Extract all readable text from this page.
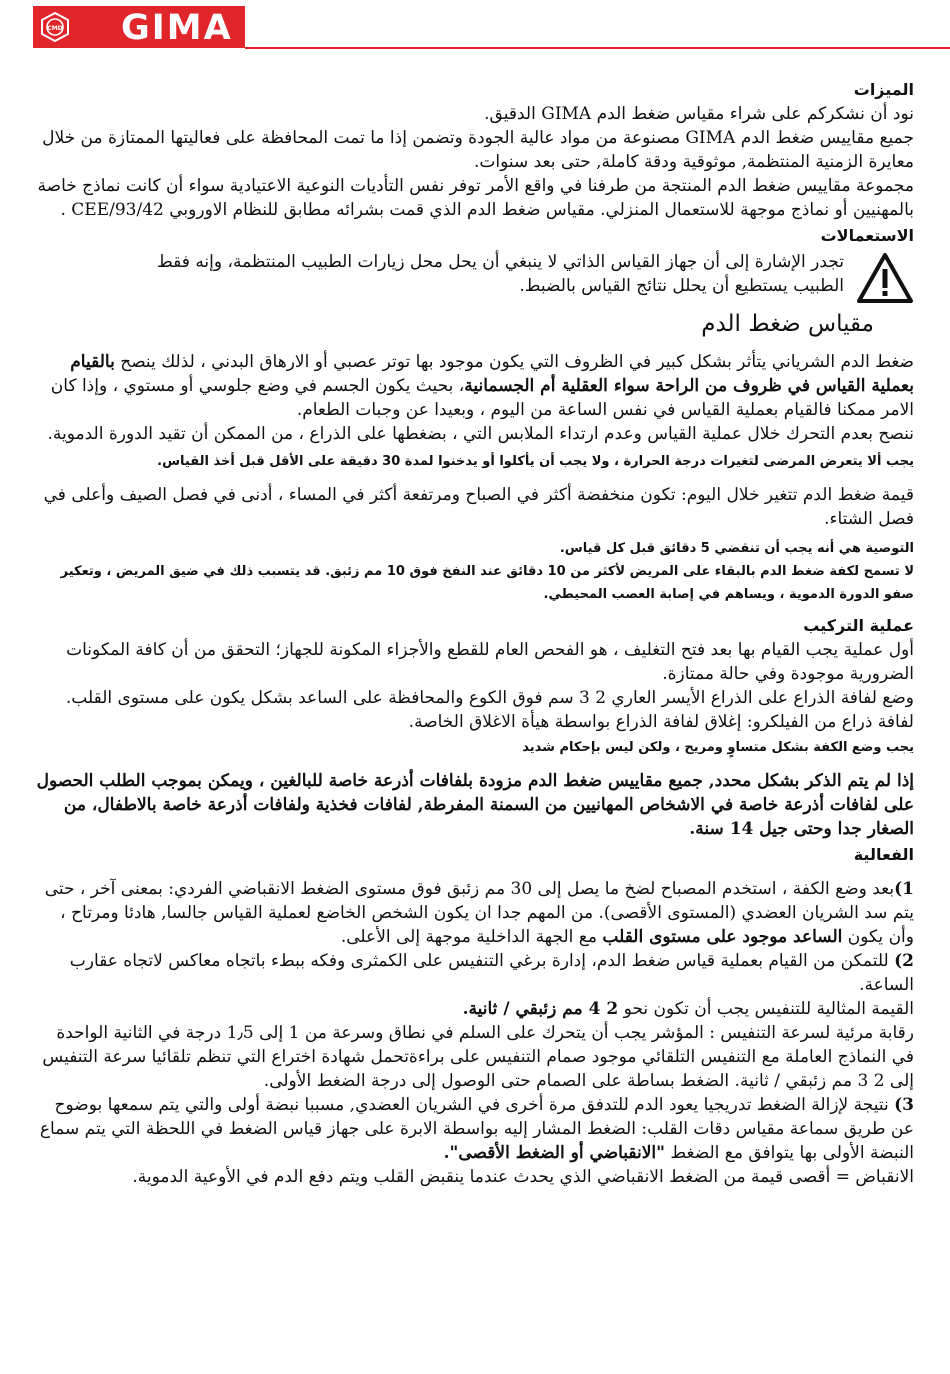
CMD GIMA
الميزات

نود أن نشكركم على شراء مقياس ضغط الدم GIMA الدقيق.

جميع مقاييس ضغط الدم GIMA مصنوعة من مواد عالية الجودة وتضمن إذا ما تمت المحافظة على فعاليتها الممتازة من خلال معايرة الزمنية المنتظمة, موثوقية ودقة كاملة, حتى بعد سنوات.

مجموعة مقاييس ضغط الدم المنتجة من طرفنا في واقع الأمر توفر نفس التأديات النوعية الاعتيادية سواء أن كانت نماذج خاصة بالمهنيين أو نماذج موجهة للاستعمال المنزلي. مقياس ضغط الدم الذي قمت بشرائه مطابق للنظام الاوروبي 93/42/CEE .

الاستعمالات

تجدر الإشارة إلى أن جهاز القياس الذاتي لا ينبغي أن يحل محل زيارات الطبيب المنتظمة، وإنه فقط الطبيب يستطيع أن يحلل نتائج القياس بالضبط.

مقياس ضغط الدم

ضغط الدم الشرياني يتأثر بشكل كبير في الظروف التي يكون موجود بها توتر عصبي أو الارهاق البدني ، لذلك ينصح بالقيام بعملية القياس في ظروف من الراحة سواء العقلية أم الجسمانية، بحيث يكون الجسم في وضع جلوسي أو مستوي ، وإذا كان الامر ممكنا فالقيام بعملية القياس في نفس الساعة من اليوم ، وبعيدا عن وجبات الطعام.

ننصح بعدم التحرك خلال عملية القياس وعدم ارتداء الملابس التي ، بضغطها على الذراع ، من الممكن أن تقيد الدورة الدموية.

يجب ألا يتعرض المرضى لتغيرات درجة الحرارة ، ولا يجب أن يأكلوا أو يدخنوا لمدة 30 دقيقة على الأقل قبل أخذ القياس.

قيمة ضغط الدم تتغير خلال اليوم: تكون منخفضة أكثر في الصباح ومرتفعة أكثر في المساء ، أدنى في فصل الصيف وأعلى في فصل الشتاء.

التوصية هي أنه يجب أن تنقضي 5 دقائق قبل كل قياس.

لا تسمح لكفة ضغط الدم بالبقاء على المريض لأكثر من 10 دقائق عند النفخ فوق 10 مم زئبق. قد يتسبب ذلك في ضيق المريض ، وتعكير صفو الدورة الدموية ، ويساهم في إصابة العصب المحيطي.

عملية التركيب

أول عملية يجب القيام بها بعد فتح التغليف ، هو الفحص العام للقطع والأجزاء المكونة للجهاز؛ التحقق من أن كافة المكونات الضرورية موجودة وفي حالة ممتازة.

وضع لفافة الذراع على الذراع الأيسر العاري 2 3 سم فوق الكوع والمحافظة على الساعد بشكل يكون على مستوى القلب.

لفافة ذراع من الفيلكرو: إغلاق لفافة الذراع بواسطة هيأة الاغلاق الخاصة.

يجب وضع الكفة بشكل متساوٍ ومريح ، ولكن ليس بإحكام شديد

إذا لم يتم الذكر بشكل محدد, جميع مقاييس ضغط الدم مزودة بلفافات أذرعة خاصة للبالغين ، ويمكن بموجب الطلب الحصول على لفافات أذرعة خاصة في الاشخاص المهانيين من السمنة المفرطة, لفافات فخذية ولفافات أذرعة خاصة بالاطفال، من الصغار جدا وحتى جيل 14 سنة.

الفعالية

1)بعد وضع الكفة ، استخدم المصباح لضخ ما يصل إلى 30 مم زئبق فوق مستوى الضغط الانقباضي الفردي: بمعنى آخر ، حتى يتم سد الشريان العضدي (المستوى الأقصى). من المهم جدا ان يكون الشخص الخاضع لعملية القياس جالسا, هادئا ومرتاح ، وأن يكون الساعد موجود على مستوى القلب مع الجهة الداخلية موجهة إلى الأعلى.

2) للتمكن من القيام بعملية قياس ضغط الدم، إدارة برغي التنفيس على الكمثرى وفكه ببطء باتجاه معاكس لاتجاه عقارب الساعة.

القيمة المثالية للتنفيس يجب أن تكون نحو 2 4 مم زئبقي / ثانية.

رقابة مرئية لسرعة التنفيس : المؤشر يجب أن يتحرك على السلم في نطاق وسرعة من 1 إلى 1٫5 درجة في الثانية الواحدة في النماذج العاملة مع التنفيس التلقائي موجود صمام التنفيس على براءةتحمل شهادة اختراع التي تنظم تلقائيا سرعة التنفيس إلى 2 3 مم زئبقي / ثانية. الضغط بساطة على الصمام حتى الوصول إلى درجة الضغط الأولى.

3) نتيجة لإزالة الضغط تدريجيا يعود الدم للتدفق مرة أخرى في الشريان العضدي, مسببا نبضة أولى والتي يتم سمعها بوضوح عن طريق سماعة مقياس دقات القلب: الضغط المشار إليه بواسطة الابرة على جهاز قياس الضغط في اللحظة التي يتم سماع النبضة الأولى بها يتوافق مع الضغط "الانقباضي أو الضغط الأقصى".

الانقباض = أقصى قيمة من الضغط الانقباضي الذي يحدث عندما ينقبض القلب ويتم دفع الدم في الأوعية الدموية.
